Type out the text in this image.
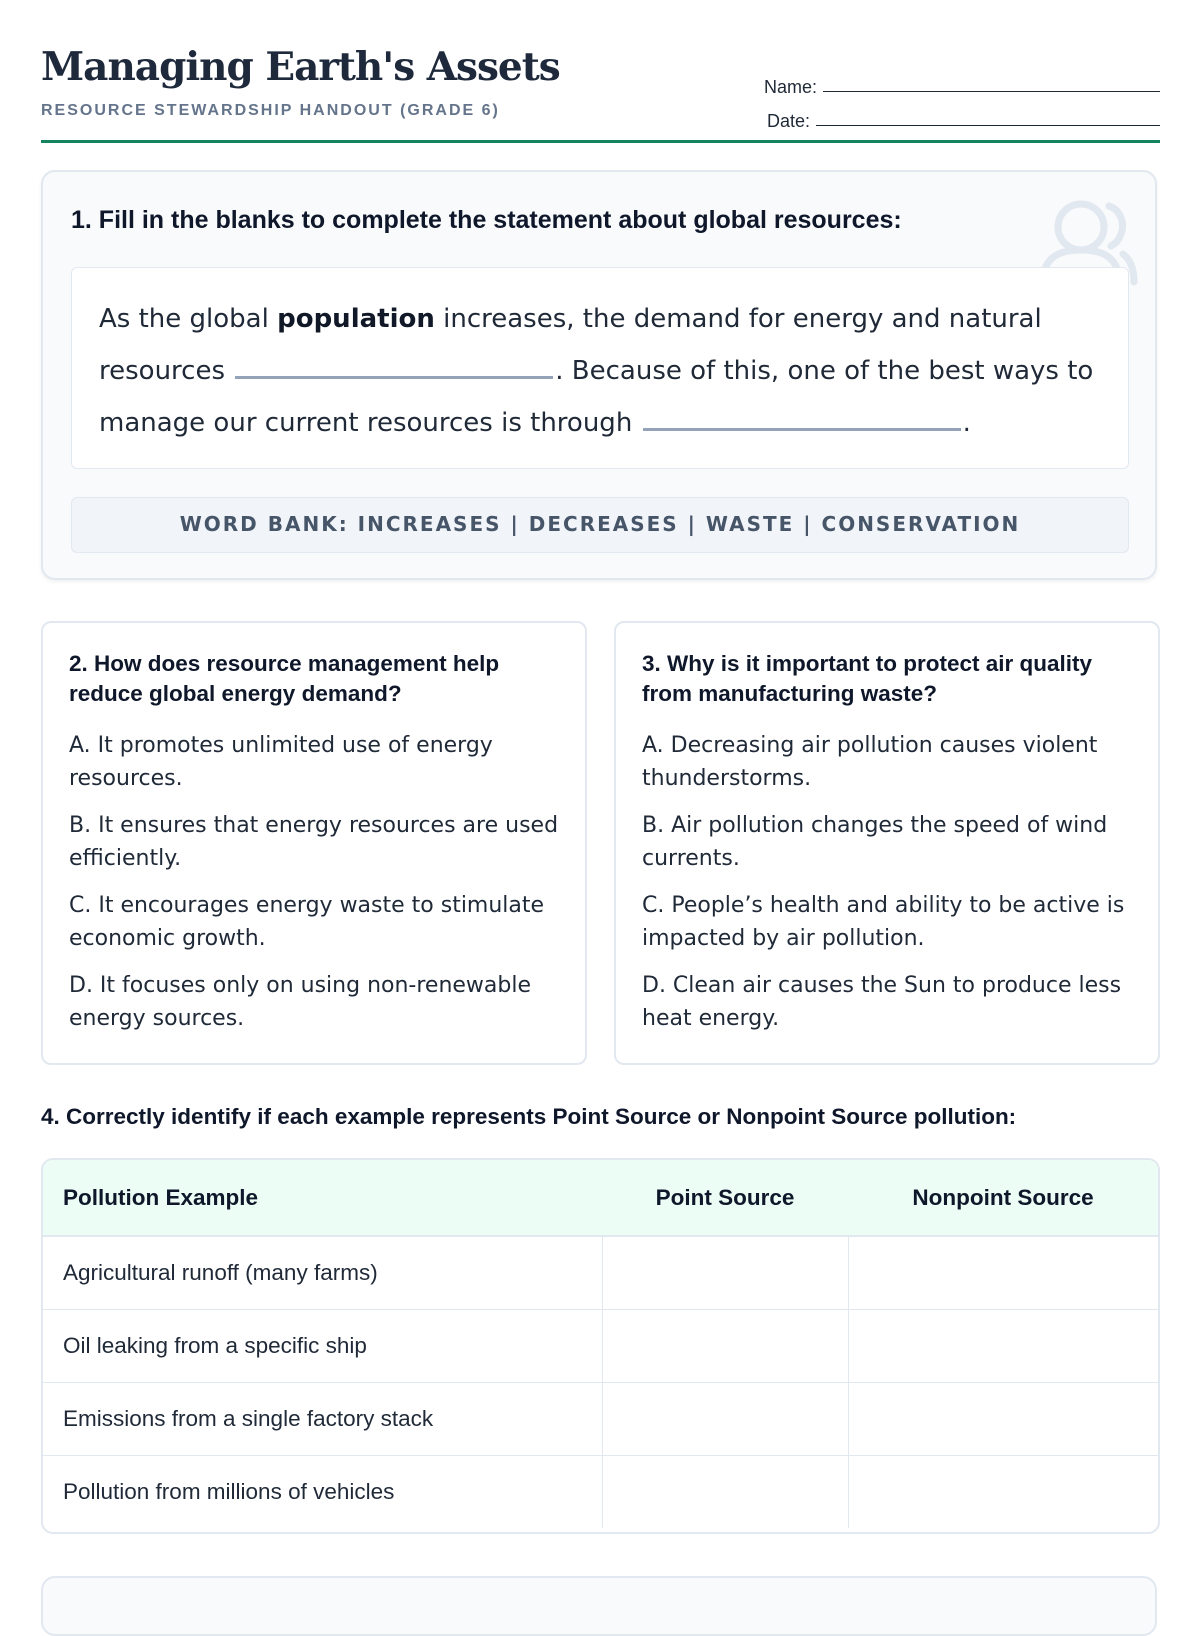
Managing Earth's Assets
RESOURCE STEWARDSHIP HANDOUT (GRADE 6)
Name:
Date:
1. Fill in the blanks to complete the statement about global resources:
As the global population increases, the demand for energy and natural resources	. Because of this, one of the best ways to manage our current resources is through	.
WORD BANK: INCREASES | DECREASES | WASTE | CONSERVATION
2. How does resource management help reduce global energy demand?
A. It promotes unlimited use of energy resources.
B. It ensures that energy resources are used efficiently.
C. It encourages energy waste to stimulate economic growth.
D. It focuses only on using non-renewable energy sources.
3. Why is it important to protect air quality from manufacturing waste?
A. Decreasing air pollution causes violent thunderstorms.
B. Air pollution changes the speed of wind currents.
C. People’s health and ability to be active is impacted by air pollution.
D. Clean air causes the Sun to produce less heat energy.
4. Correctly identify if each example represents Point Source or Nonpoint Source pollution:
Pollution Example	Point Source	Nonpoint Source
Agricultural runoff (many farms)		
Oil leaking from a specific ship		
Emissions from a single factory stack		
Pollution from millions of vehicles		
